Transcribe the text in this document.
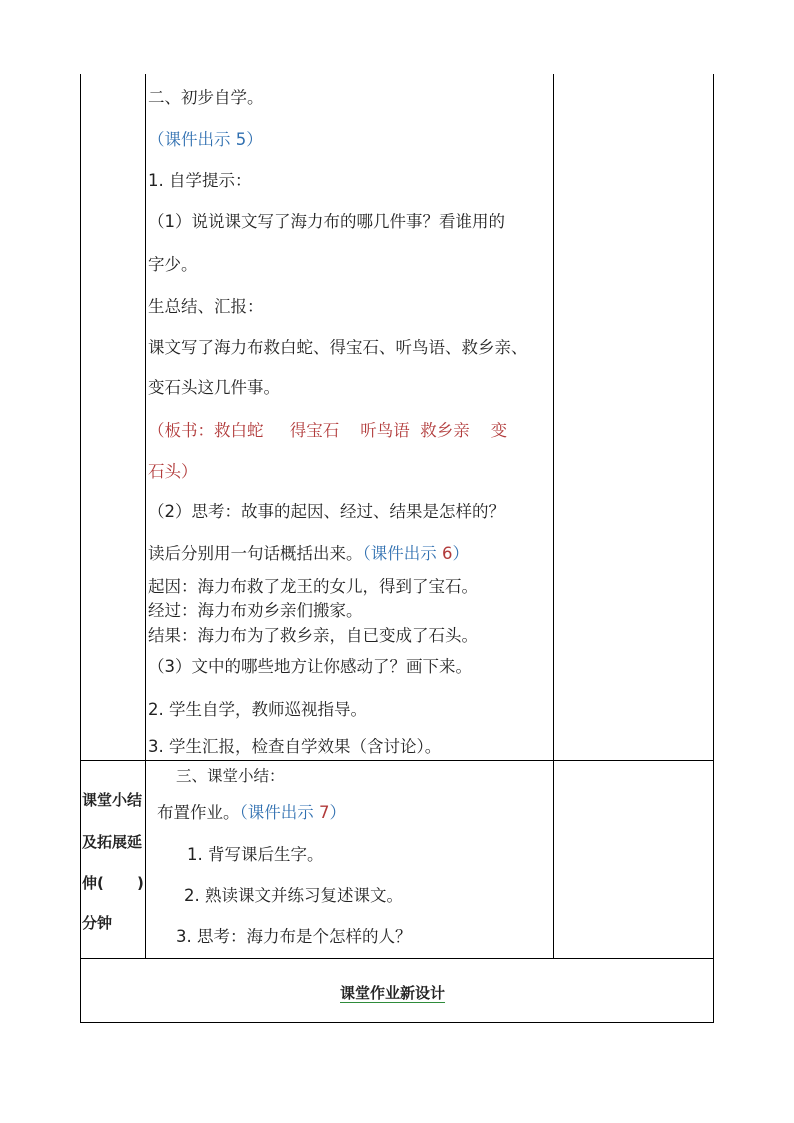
二、初步自学。
（课件出示 5）
1. 自学提示：
（1）说说课文写了海力布的哪几件事？看谁用的
字少。
生总结、汇报：
课文写了海力布救白蛇、得宝石、听鸟语、救乡亲、
变石头这几件事。
（板书：救白蛇     得宝石    听鸟语  救乡亲    变
石头）
（2）思考：故事的起因、经过、结果是怎样的？
读后分别用一句话概括出来。（课件出示 6）
起因：海力布救了龙王的女儿，得到了宝石。
经过：海力布劝乡亲们搬家。
结果：海力布为了救乡亲，自已变成了石头。
（3）文中的哪些地方让你感动了？画下来。
2. 学生自学，教师巡视指导。
3. 学生汇报，检查自学效果（含讨论）。
课堂小结
及拓展延
伸( )
分钟
三、课堂小结：
布置作业。（课件出示 7）
1. 背写课后生字。
2. 熟读课文并练习复述课文。
3. 思考：海力布是个怎样的人？
课堂作业新设计
